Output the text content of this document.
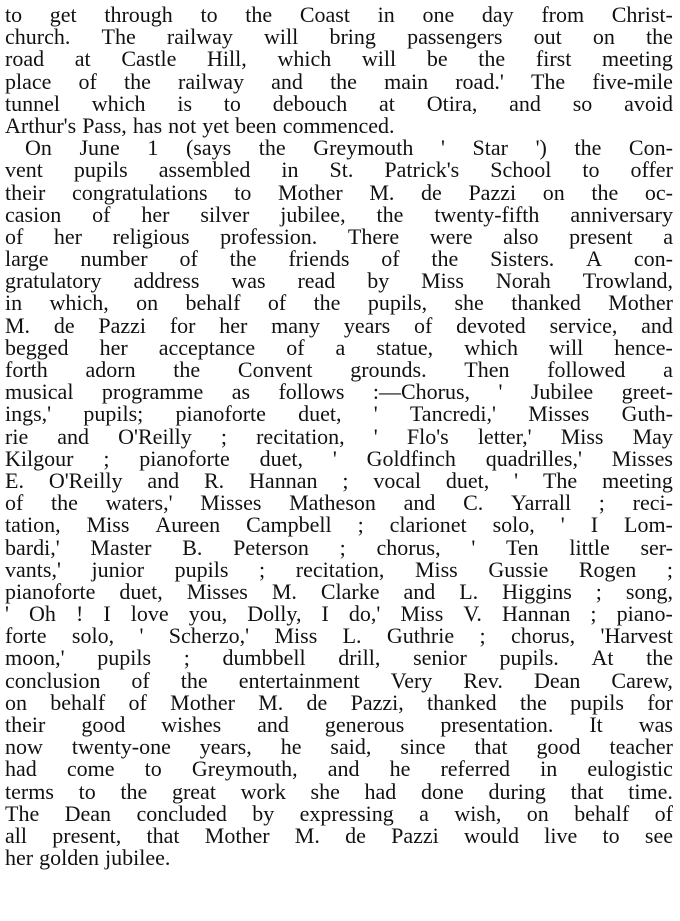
to get through to the Coast in one day from Christ-
church. The railway will bring passengers out on the
road at Castle Hill, which will be the first meeting
place of the railway and the main road.' The five-mile
tunnel which is to debouch at Otira, and so avoid
Arthur's Pass, has not yet been commenced.
On June 1 (says the Greymouth ' Star ') the Con-
vent pupils assembled in St. Patrick's School to offer
their congratulations to Mother M. de Pazzi on the oc-
casion of her silver jubilee, the twenty-fifth anniversary
of her religious profession. There were also present a
large number of the friends of the Sisters. A con-
gratulatory address was read by Miss Norah Trowland,
in which, on behalf of the pupils, she thanked Mother
M. de Pazzi for her many years of devoted service, and
begged her acceptance of a statue, which will hence-
forth adorn the Convent grounds. Then followed a
musical programme as follows :—Chorus, ' Jubilee greet-
ings,' pupils; pianoforte duet, ' Tancredi,' Misses Guth-
rie and O'Reilly ; recitation, ' Flo's letter,' Miss May
Kilgour ; pianoforte duet, ' Goldfinch quadrilles,' Misses
E. O'Reilly and R. Hannan ; vocal duet, ' The meeting
of the waters,' Misses Matheson and C. Yarrall ; reci-
tation, Miss Aureen Campbell ; clarionet solo, ' I Lom-
bardi,' Master B. Peterson ; chorus, ' Ten little ser-
vants,' junior pupils ; recitation, Miss Gussie Rogen ;
pianoforte duet, Misses M. Clarke and L. Higgins ; song,
' Oh ! I love you, Dolly, I do,' Miss V. Hannan ; piano-
forte solo, ' Scherzo,' Miss L. Guthrie ; chorus, 'Harvest
moon,' pupils ; dumbbell drill, senior pupils. At the
conclusion of the entertainment Very Rev. Dean Carew,
on behalf of Mother M. de Pazzi, thanked the pupils for
their good wishes and generous presentation. It was
now twenty-one years, he said, since that good teacher
had come to Greymouth, and he referred in eulogistic
terms to the great work she had done during that time.
The Dean concluded by expressing a wish, on behalf of
all present, that Mother M. de Pazzi would live to see
her golden jubilee.
